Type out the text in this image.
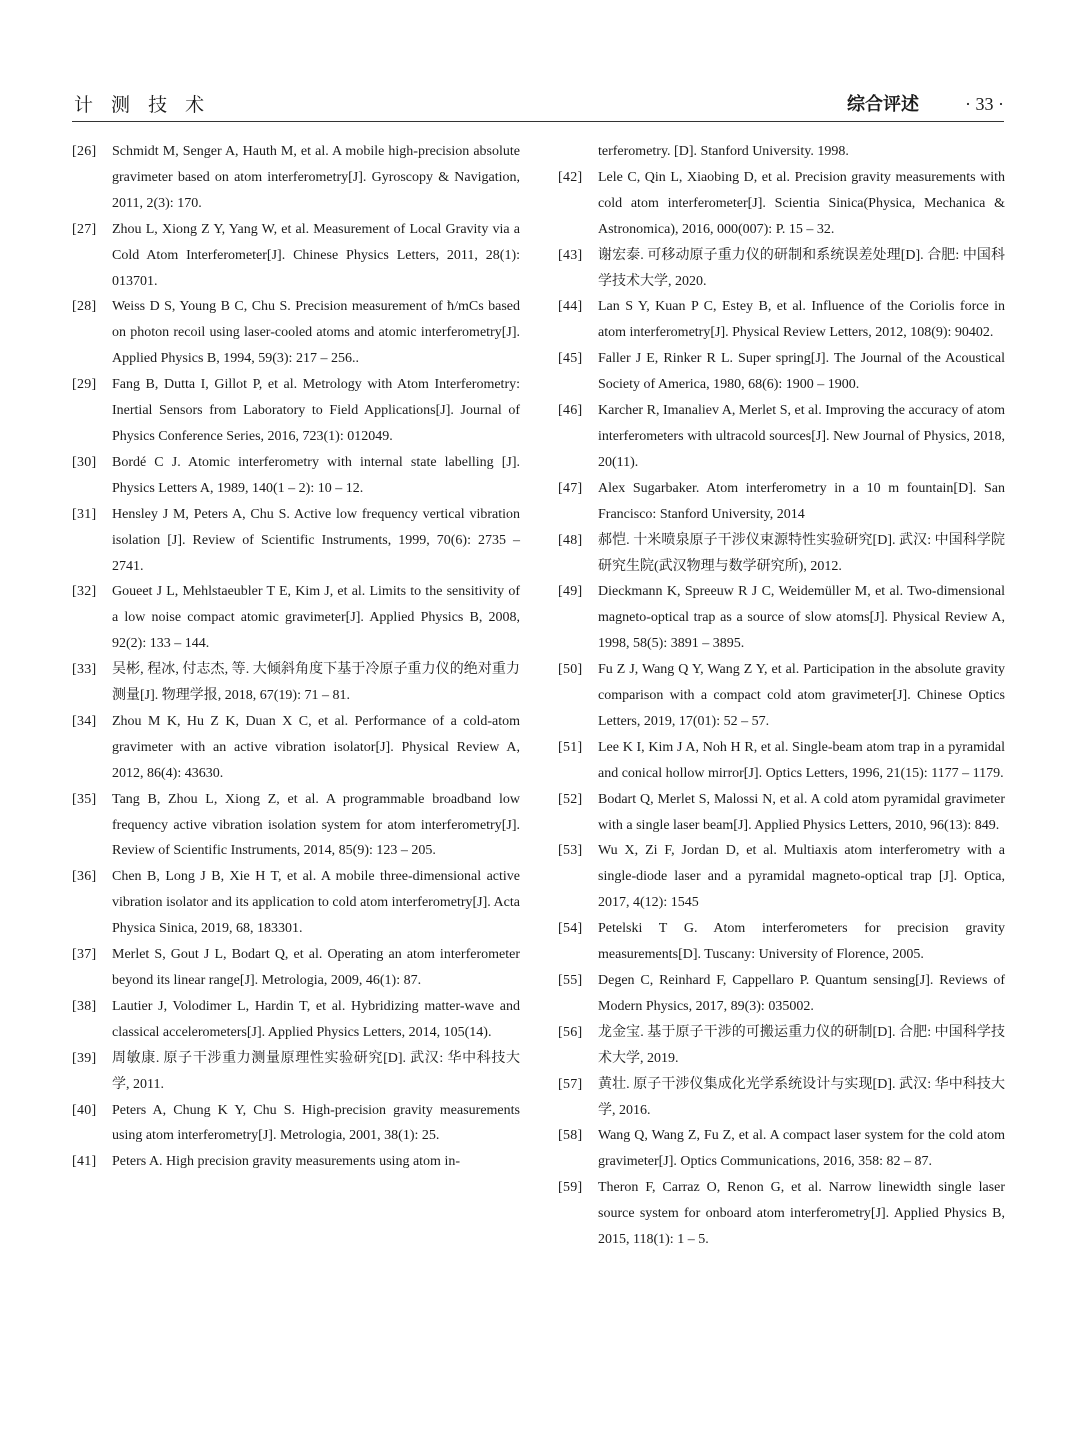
计 测 技 术	综合评述	· 33 ·
[26]	Schmidt M, Senger A, Hauth M, et al. A mobile high-precision absolute gravimeter based on atom interferometry[J]. Gyroscopy & Navigation, 2011, 2(3): 170.
[27]	Zhou L, Xiong Z Y, Yang W, et al. Measurement of Local Gravity via a Cold Atom Interferometer[J]. Chinese Physics Letters, 2011, 28(1): 013701.
[28]	Weiss D S, Young B C, Chu S. Precision measurement of ħ/mCs based on photon recoil using laser-cooled atoms and atomic interferometry[J]. Applied Physics B, 1994, 59(3): 217 – 256..
[29]	Fang B, Dutta I, Gillot P, et al. Metrology with Atom Interferometry: Inertial Sensors from Laboratory to Field Applications[J]. Journal of Physics Conference Series, 2016, 723(1): 012049.
[30]	Bordé C J. Atomic interferometry with internal state labelling [J]. Physics Letters A, 1989, 140(1 – 2): 10 – 12.
[31]	Hensley J M, Peters A, Chu S. Active low frequency vertical vibration isolation [J]. Review of Scientific Instruments, 1999, 70(6): 2735 – 2741.
[32]	Goueet J L, Mehlstaeubler T E, Kim J, et al. Limits to the sensitivity of a low noise compact atomic gravimeter[J]. Applied Physics B, 2008, 92(2): 133 – 144.
[33]	吴彬, 程冰, 付志杰, 等. 大倾斜角度下基于冷原子重力仪的绝对重力测量[J]. 物理学报, 2018, 67(19): 71 – 81.
[34]	Zhou M K, Hu Z K, Duan X C, et al. Performance of a cold-atom gravimeter with an active vibration isolator[J]. Physical Review A, 2012, 86(4): 43630.
[35]	Tang B, Zhou L, Xiong Z, et al. A programmable broadband low frequency active vibration isolation system for atom interferometry[J]. Review of Scientific Instruments, 2014, 85(9): 123 – 205.
[36]	Chen B, Long J B, Xie H T, et al. A mobile three-dimensional active vibration isolator and its application to cold atom interferometry[J]. Acta Physica Sinica, 2019, 68, 183301.
[37]	Merlet S, Gout J L, Bodart Q, et al. Operating an atom interferometer beyond its linear range[J]. Metrologia, 2009, 46(1): 87.
[38]	Lautier J, Volodimer L, Hardin T, et al. Hybridizing matter-wave and classical accelerometers[J]. Applied Physics Letters, 2014, 105(14).
[39]	周敏康. 原子干涉重力测量原理性实验研究[D]. 武汉: 华中科技大学, 2011.
[40]	Peters A, Chung K Y, Chu S. High-precision gravity measurements using atom interferometry[J]. Metrologia, 2001, 38(1): 25.
[41]	Peters A. High precision gravity measurements using atom in-
terferometry. [D]. Stanford University. 1998.
[42]	Lele C, Qin L, Xiaobing D, et al. Precision gravity measurements with cold atom interferometer[J]. Scientia Sinica(Physica, Mechanica & Astronomica), 2016, 000(007): P. 15 – 32.
[43]	谢宏泰. 可移动原子重力仪的研制和系统误差处理[D]. 合肥: 中国科学技术大学, 2020.
[44]	Lan S Y, Kuan P C, Estey B, et al. Influence of the Coriolis force in atom interferometry[J]. Physical Review Letters, 2012, 108(9): 90402.
[45]	Faller J E, Rinker R L. Super spring[J]. The Journal of the Acoustical Society of America, 1980, 68(6): 1900 – 1900.
[46]	Karcher R, Imanaliev A, Merlet S, et al. Improving the accuracy of atom interferometers with ultracold sources[J]. New Journal of Physics, 2018, 20(11).
[47]	Alex Sugarbaker. Atom interferometry in a 10 m fountain[D]. San Francisco: Stanford University, 2014
[48]	郝恺. 十米喷泉原子干涉仪束源特性实验研究[D]. 武汉: 中国科学院研究生院(武汉物理与数学研究所), 2012.
[49]	Dieckmann K, Spreeuw R J C, Weidemüller M, et al. Two-dimensional magneto-optical trap as a source of slow atoms[J]. Physical Review A, 1998, 58(5): 3891 – 3895.
[50]	Fu Z J, Wang Q Y, Wang Z Y, et al. Participation in the absolute gravity comparison with a compact cold atom gravimeter[J]. Chinese Optics Letters, 2019, 17(01): 52 – 57.
[51]	Lee K I, Kim J A, Noh H R, et al. Single-beam atom trap in a pyramidal and conical hollow mirror[J]. Optics Letters, 1996, 21(15): 1177 – 1179.
[52]	Bodart Q, Merlet S, Malossi N, et al. A cold atom pyramidal gravimeter with a single laser beam[J]. Applied Physics Letters, 2010, 96(13): 849.
[53]	Wu X, Zi F, Jordan D, et al. Multiaxis atom interferometry with a single-diode laser and a pyramidal magneto-optical trap [J]. Optica, 2017, 4(12): 1545
[54]	Petelski T G. Atom interferometers for precision gravity measurements[D]. Tuscany: University of Florence, 2005.
[55]	Degen C, Reinhard F, Cappellaro P. Quantum sensing[J]. Reviews of Modern Physics, 2017, 89(3): 035002.
[56]	龙金宝. 基于原子干涉的可搬运重力仪的研制[D]. 合肥: 中国科学技术大学, 2019.
[57]	黄壮. 原子干涉仪集成化光学系统设计与实现[D]. 武汉: 华中科技大学, 2016.
[58]	Wang Q, Wang Z, Fu Z, et al. A compact laser system for the cold atom gravimeter[J]. Optics Communications, 2016, 358: 82 – 87.
[59]	Theron F, Carraz O, Renon G, et al. Narrow linewidth single laser source system for onboard atom interferometry[J]. Applied Physics B, 2015, 118(1): 1 – 5.
